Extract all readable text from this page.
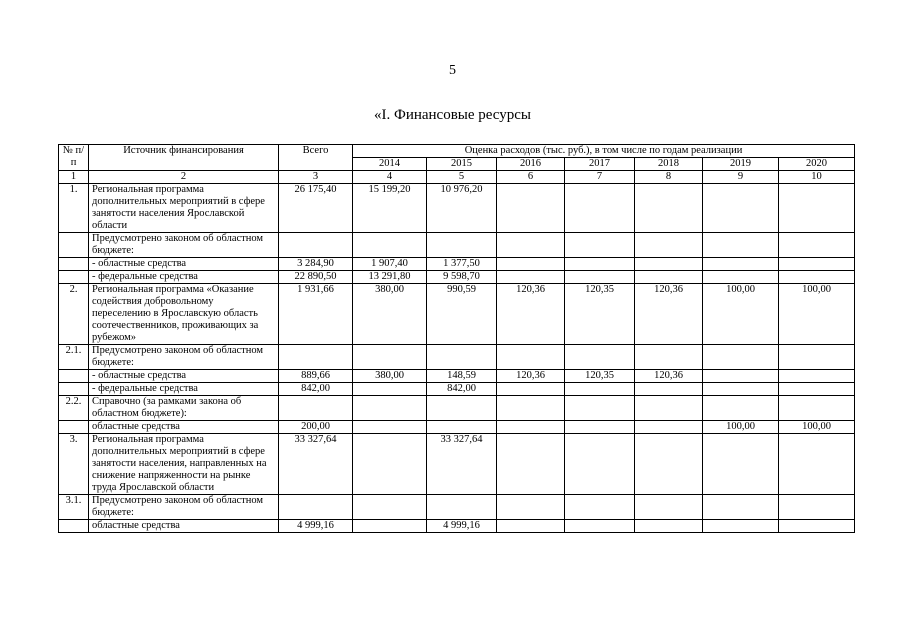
5
«I. Финансовые ресурсы
№ п/п	Источник финансирования	Всего	Оценка расходов (тыс. руб.), в том числе по годам реализации						
			2014	2015	2016	2017	2018	2019	2020
1	2	3	4	5	6	7	8	9	10
1.	Региональная программа дополнительных мероприятий в сфере занятости населения Ярославской области	26 175,40	15 199,20	10 976,20					
	Предусмотрено законом об областном бюджете:								
	- областные средства	3 284,90	1 907,40	1 377,50					
	- федеральные средства	22 890,50	13 291,80	9 598,70					
2.	Региональная программа «Оказание содействия добровольному переселению в Ярославскую область соотечественников, проживающих за рубежом»	1 931,66	380,00	990,59	120,36	120,35	120,36	100,00	100,00
2.1.	Предусмотрено законом об областном бюджете:								
	- областные средства	889,66	380,00	148,59	120,36	120,35	120,36		
	- федеральные средства	842,00		842,00					
2.2.	Справочно (за рамками закона об областном бюджете):								
	областные средства	200,00						100,00	100,00
3.	Региональная программа дополнительных мероприятий в сфере занятости населения, направленных на снижение напряженности на рынке труда Ярославской области	33 327,64		33 327,64					
3.1.	Предусмотрено законом об областном бюджете:								
	областные средства	4 999,16		4 999,16					
